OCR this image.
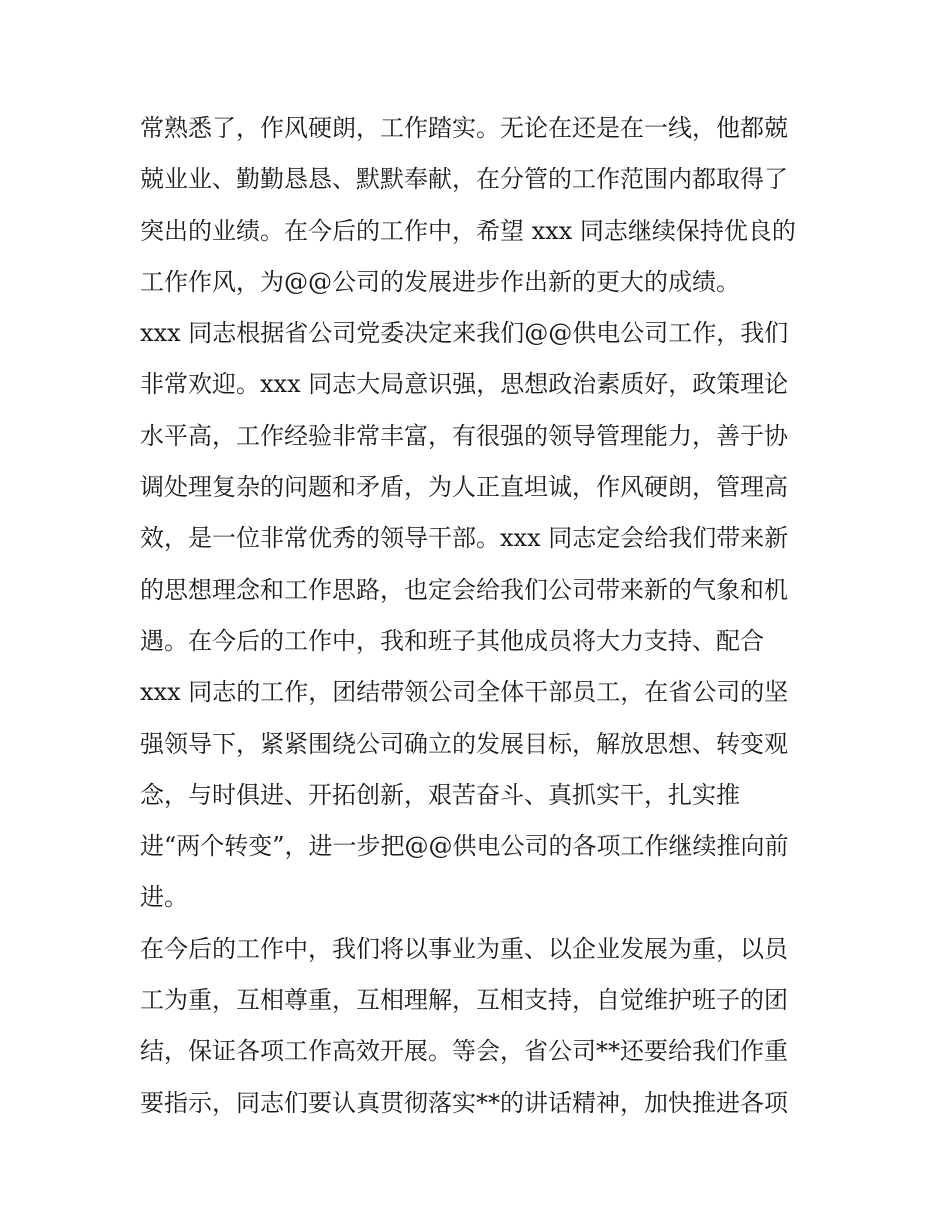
常熟悉了，作风硬朗，工作踏实。无论在还是在一线，他都兢
兢业业、勤勤恳恳、默默奉献，在分管的工作范围内都取得了
突出的业绩。在今后的工作中，希望 xxx 同志继续保持优良的
工作作风，为@@公司的发展进步作出新的更大的成绩。
xxx 同志根据省公司党委决定来我们@@供电公司工作，我们
非常欢迎。xxx 同志大局意识强，思想政治素质好，政策理论
水平高，工作经验非常丰富，有很强的领导管理能力，善于协
调处理复杂的问题和矛盾，为人正直坦诚，作风硬朗，管理高
效，是一位非常优秀的领导干部。xxx 同志定会给我们带来新
的思想理念和工作思路，也定会给我们公司带来新的气象和机
遇。在今后的工作中，我和班子其他成员将大力支持、配合
xxx 同志的工作，团结带领公司全体干部员工，在省公司的坚
强领导下，紧紧围绕公司确立的发展目标，解放思想、转变观
念，与时俱进、开拓创新，艰苦奋斗、真抓实干，扎实推
进“两个转变”，进一步把@@供电公司的各项工作继续推向前
进。
在今后的工作中，我们将以事业为重、以企业发展为重，以员
工为重，互相尊重，互相理解，互相支持，自觉维护班子的团
结，保证各项工作高效开展。等会，省公司**还要给我们作重
要指示，同志们要认真贯彻落实**的讲话精神，加快推进各项
